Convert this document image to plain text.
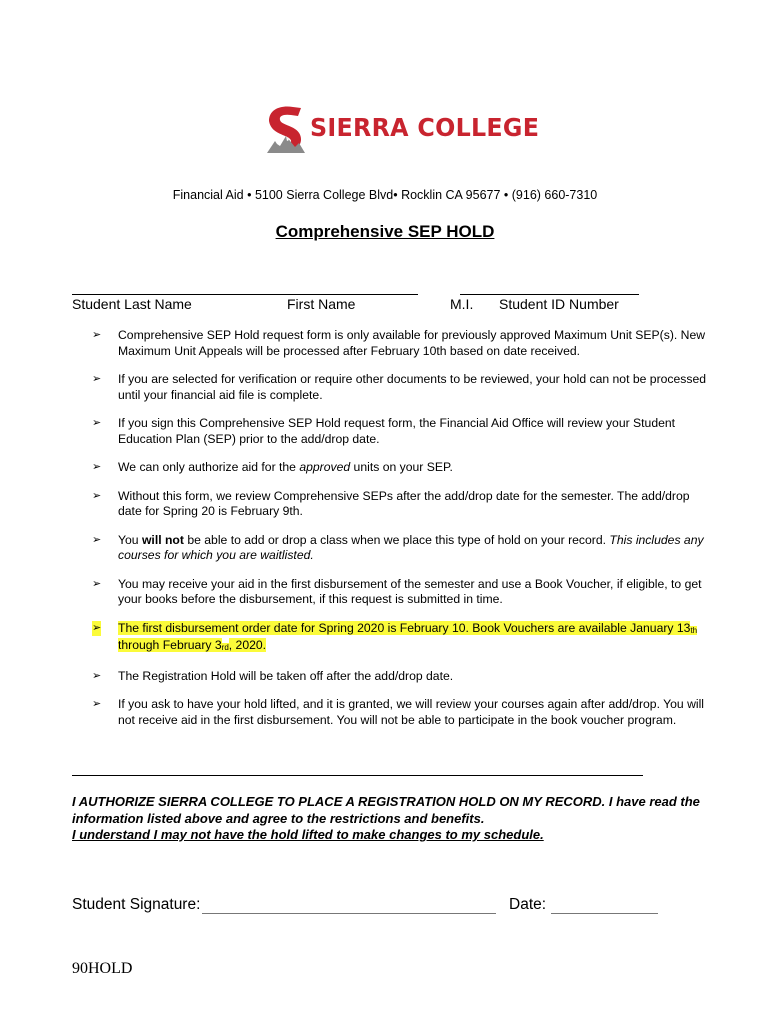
SIERRA COLLEGE
Financial Aid • 5100 Sierra College Blvd• Rocklin CA 95677 • (916) 660-7310
Comprehensive SEP HOLD
Student Last Name	First Name	M.I. Student ID Number
➢ Comprehensive SEP Hold request form is only available for previously approved Maximum Unit SEP(s). New Maximum Unit Appeals will be processed after February 10th based on date received.
➢ If you are selected for verification or require other documents to be reviewed, your hold can not be processed until your financial aid file is complete.
➢ If you sign this Comprehensive SEP Hold request form, the Financial Aid Office will review your Student Education Plan (SEP) prior to the add/drop date.
➢ We can only authorize aid for the approved units on your SEP.
➢ Without this form, we review Comprehensive SEPs after the add/drop date for the semester. The add/drop date for Spring 20 is February 9th.
➢ You will not be able to add or drop a class when we place this type of hold on your record. This includes any courses for which you are waitlisted.
➢ You may receive your aid in the first disbursement of the semester and use a Book Voucher, if eligible, to get your books before the disbursement, if this request is submitted in time.
➢ The first disbursement order date for Spring 2020 is February 10. Book Vouchers are available January 13th through February 3rd, 2020.
➢ The Registration Hold will be taken off after the add/drop date.
➢ If you ask to have your hold lifted, and it is granted, we will review your courses again after add/drop. You will not receive aid in the first disbursement. You will not be able to participate in the book voucher program.
I AUTHORIZE SIERRA COLLEGE TO PLACE A REGISTRATION HOLD ON MY RECORD. I have read the information listed above and agree to the restrictions and benefits.
I understand I may not have the hold lifted to make changes to my schedule.
Student Signature:	Date:
90HOLD
